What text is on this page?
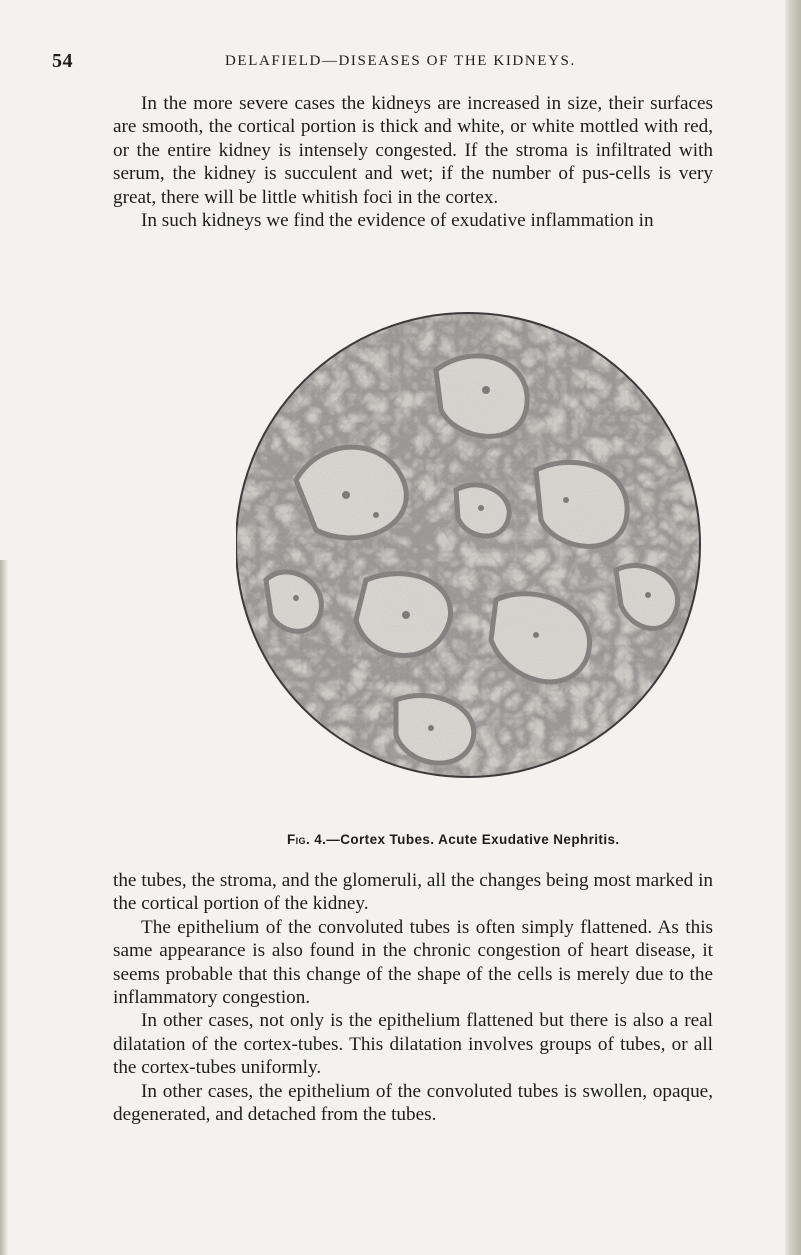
54	DELAFIELD—DISEASES OF THE KIDNEYS.

In the more severe cases the kidneys are increased in size, their surfaces are smooth, the cortical portion is thick and white, or white mottled with red, or the entire kidney is intensely congested. If the stroma is infiltrated with serum, the kidney is succulent and wet; if the number of pus-cells is very great, there will be little whitish foci in the cortex.

In such kidneys we find the evidence of exudative inflammation in

Fig. 4.—Cortex Tubes. Acute Exudative Nephritis.

the tubes, the stroma, and the glomeruli, all the changes being most marked in the cortical portion of the kidney.

The epithelium of the convoluted tubes is often simply flattened. As this same appearance is also found in the chronic congestion of heart disease, it seems probable that this change of the shape of the cells is merely due to the inflammatory congestion.

In other cases, not only is the epithelium flattened but there is also a real dilatation of the cortex-tubes. This dilatation involves groups of tubes, or all the cortex-tubes uniformly.

In other cases, the epithelium of the convoluted tubes is swollen, opaque, degenerated, and detached from the tubes.
